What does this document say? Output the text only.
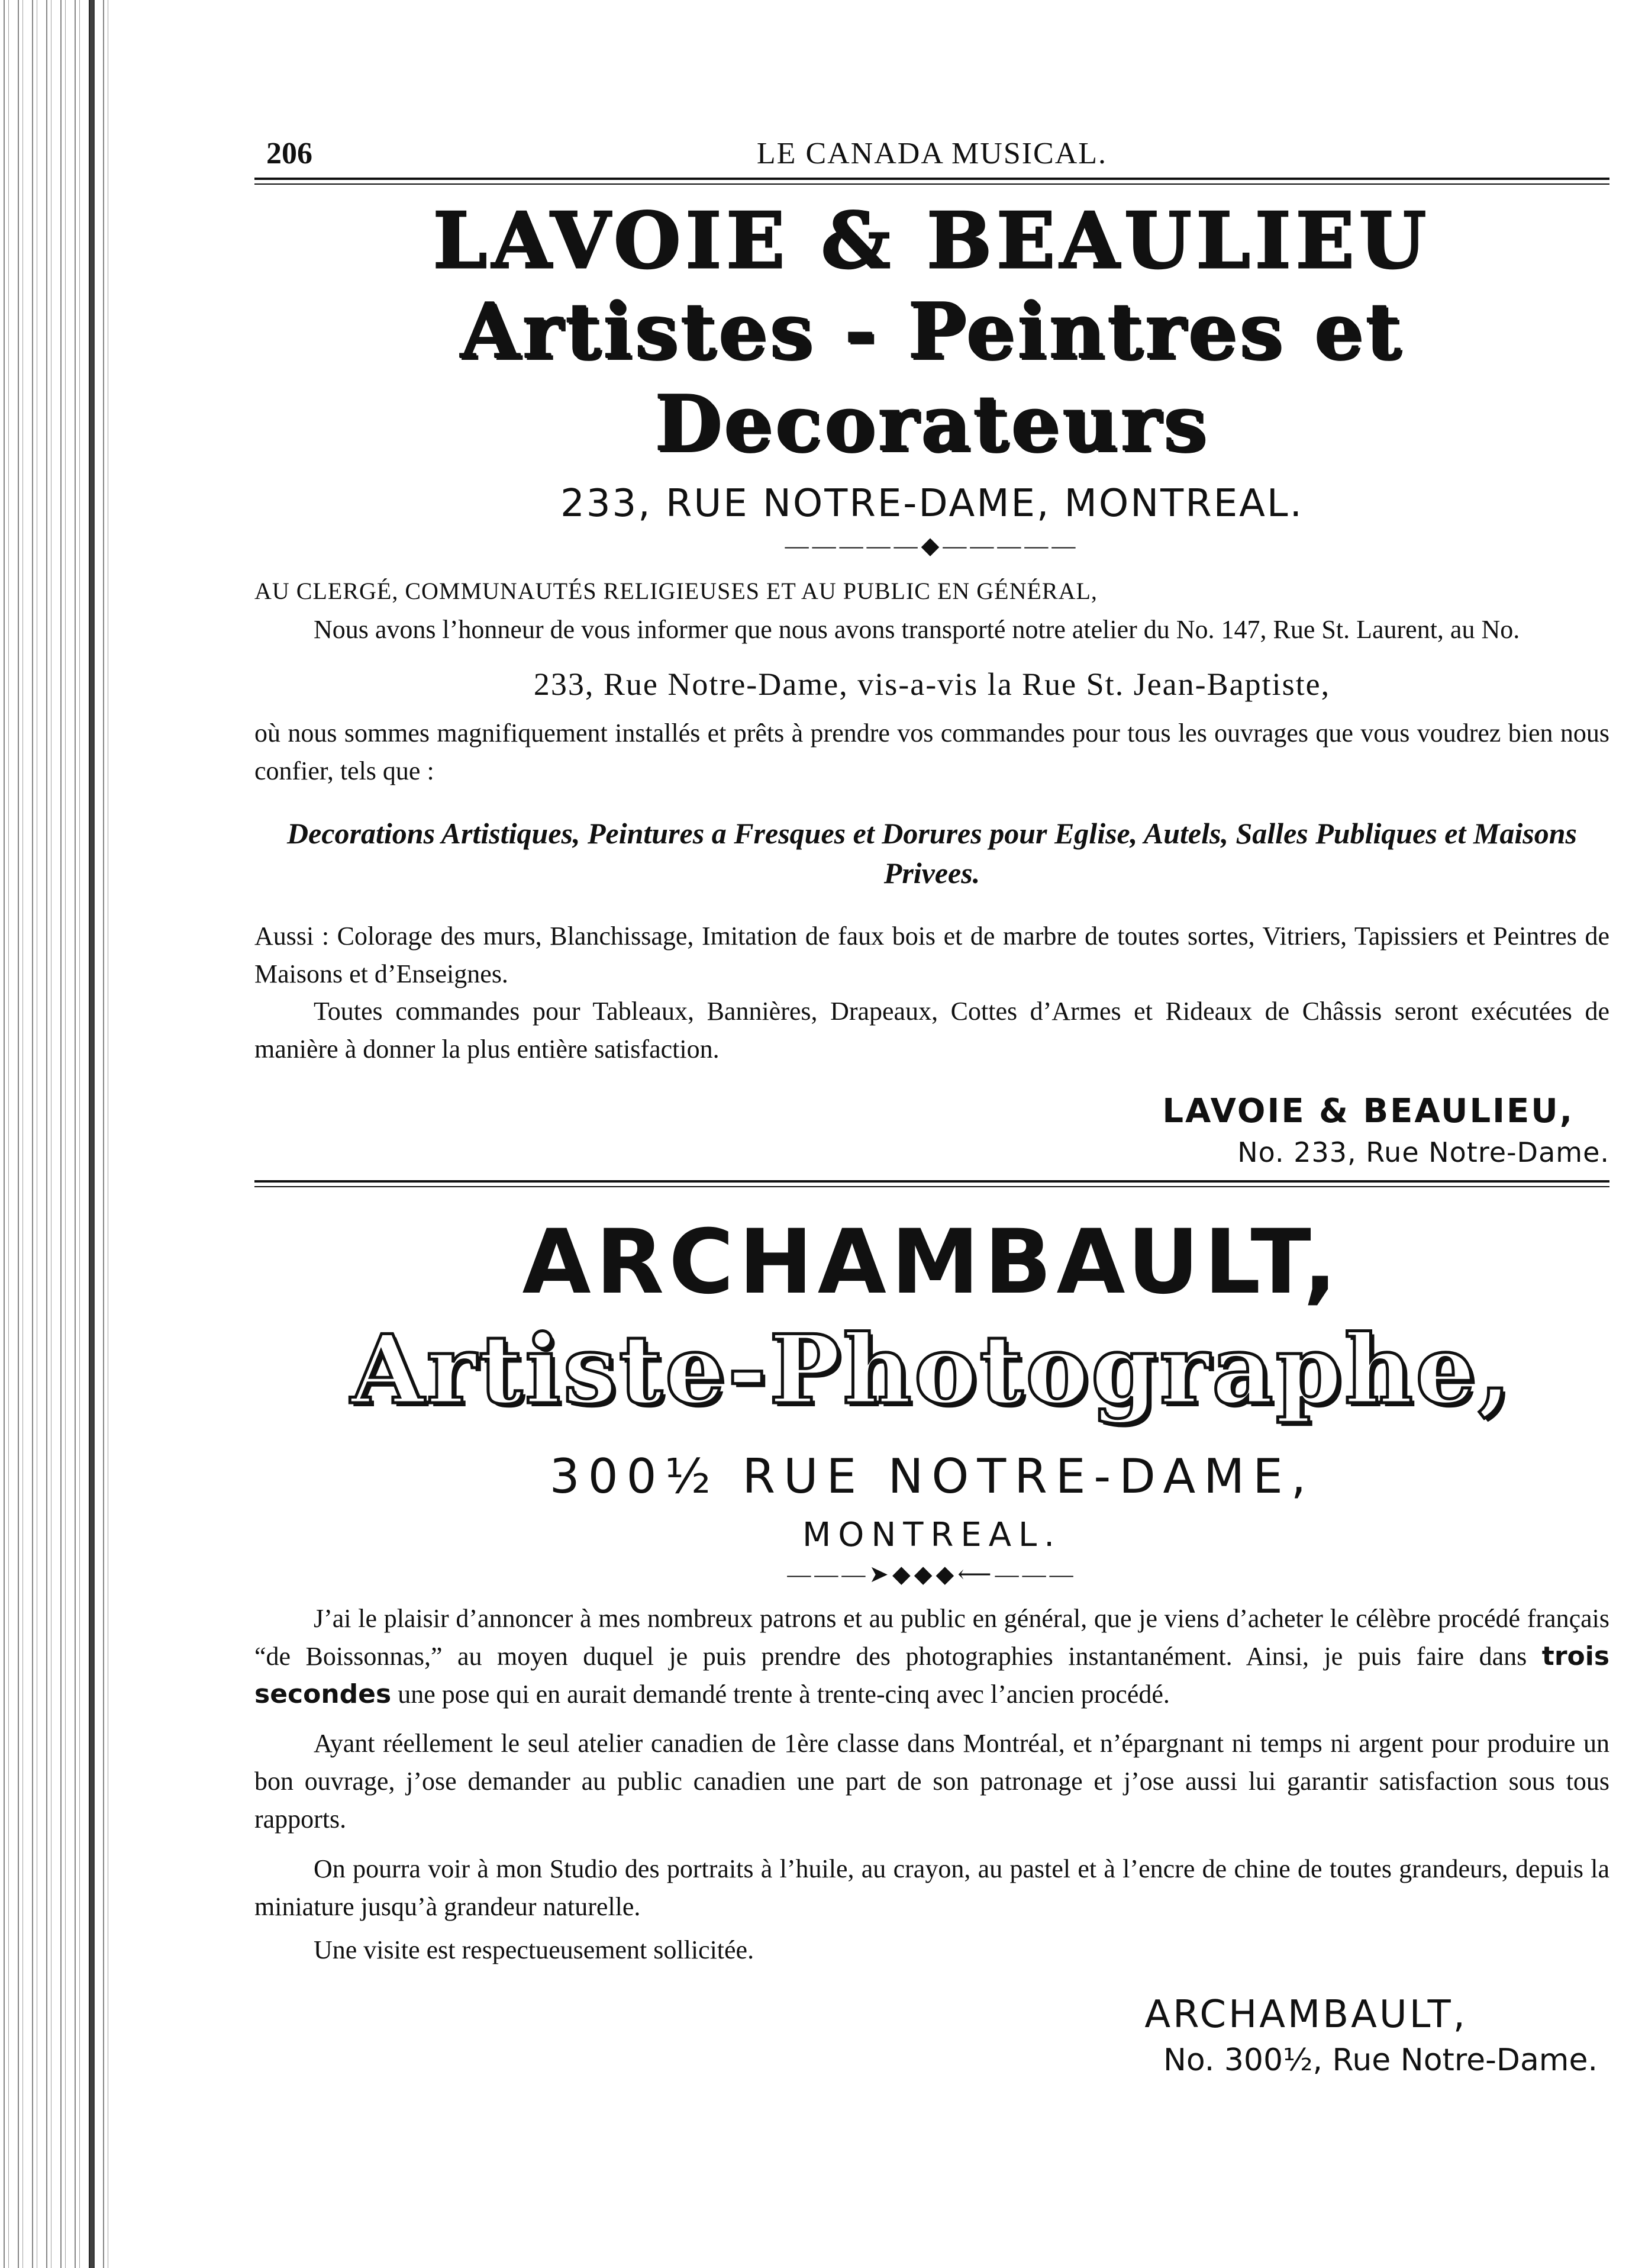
206	LE CANADA MUSICAL.
LAVOIE & BEAULIEU
Artistes - Peintres et Decorateurs
233, RUE NOTRE-DAME, MONTREAL.
—————◆—————
AU CLERGÉ, COMMUNAUTÉS RELIGIEUSES ET AU PUBLIC EN GÉNÉRAL,

Nous avons l’honneur de vous informer que nous avons transporté notre atelier du No. 147, Rue St. Laurent, au No.

233, Rue Notre-Dame, vis-a-vis la Rue St. Jean-Baptiste,

où nous sommes magnifiquement installés et prêts à prendre vos commandes pour tous les ouvrages que vous voudrez bien nous confier, tels que :

Decorations Artistiques, Peintures a Fresques et Dorures pour Eglise, Autels, Salles Publiques et Maisons Privees.

Aussi : Colorage des murs, Blanchissage, Imitation de faux bois et de marbre de toutes sortes, Vitriers, Tapissiers et Peintres de Maisons et d’Enseignes.

Toutes commandes pour Tableaux, Bannières, Drapeaux, Cottes d’Armes et Rideaux de Châssis seront exécutées de manière à donner la plus entière satisfaction.

LAVOIE & BEAULIEU,
No. 233, Rue Notre-Dame.
ARCHAMBAULT,
Artiste-Photographe,
300½ RUE NOTRE-DAME,
MONTREAL.
———➤◆◆◆⟵———

J’ai le plaisir d’annoncer à mes nombreux patrons et au public en général, que je viens d’acheter le célèbre procédé français “de Boissonnas,” au moyen duquel je puis prendre des photographies instantanément. Ainsi, je puis faire dans trois secondes une pose qui en aurait demandé trente à trente-cinq avec l’ancien procédé.

Ayant réellement le seul atelier canadien de 1ère classe dans Montréal, et n’épargnant ni temps ni argent pour produire un bon ouvrage, j’ose demander au public canadien une part de son patronage et j’ose aussi lui garantir satisfaction sous tous rapports.

On pourra voir à mon Studio des portraits à l’huile, au crayon, au pastel et à l’encre de chine de toutes grandeurs, depuis la miniature jusqu’à grandeur naturelle.

Une visite est respectueusement sollicitée.

ARCHAMBAULT,
No. 300½, Rue Notre-Dame.
